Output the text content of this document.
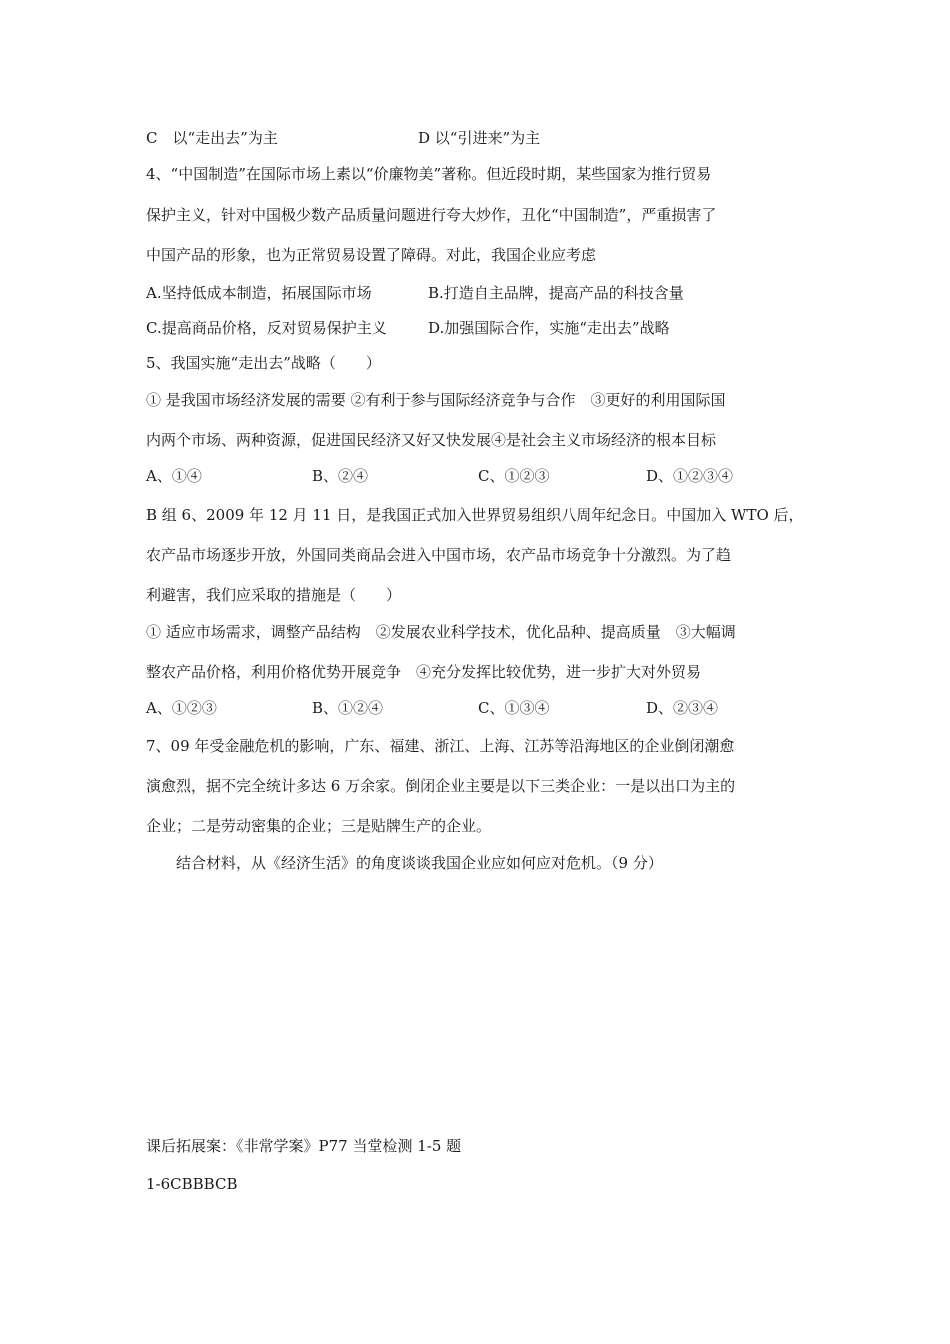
C　以“走出去”为主	D 以“引进来”为主
4、“中国制造”在国际市场上素以“价廉物美”著称。但近段时期，某些国家为推行贸易
保护主义，针对中国极少数产品质量问题进行夸大炒作，丑化“中国制造”，严重损害了
中国产品的形象，也为正常贸易设置了障碍。对此，我国企业应考虑
A.坚持低成本制造，拓展国际市场	B.打造自主品牌，提高产品的科技含量
C.提高商品价格，反对贸易保护主义	D.加强国际合作，实施“走出去”战略
5、我国实施“走出去”战略（　　）
① 是我国市场经济发展的需要 ②有利于参与国际经济竞争与合作　③更好的利用国际国
内两个市场、两种资源，促进国民经济又好又快发展④是社会主义市场经济的根本目标
A、①④	B、②④	C、①②③	D、①②③④
B 组 6、2009 年 12 月 11 日，是我国正式加入世界贸易组织八周年纪念日。中国加入 WTO 后，
农产品市场逐步开放，外国同类商品会进入中国市场，农产品市场竞争十分激烈。为了趋
利避害，我们应采取的措施是（　　）
① 适应市场需求，调整产品结构　②发展农业科学技术，优化品种、提高质量　③大幅调
整农产品价格，利用价格优势开展竞争　④充分发挥比较优势，进一步扩大对外贸易
A、①②③	B、①②④	C、①③④	D、②③④
7、09 年受金融危机的影响，广东、福建、浙江、上海、江苏等沿海地区的企业倒闭潮愈
演愈烈，据不完全统计多达 6 万余家。倒闭企业主要是以下三类企业：一是以出口为主的
企业；二是劳动密集的企业；三是贴牌生产的企业。
结合材料，从《经济生活》的角度谈谈我国企业应如何应对危机。（9 分）
课后拓展案：《非常学案》P77 当堂检测 1-5 题
1-6CBBBCB
